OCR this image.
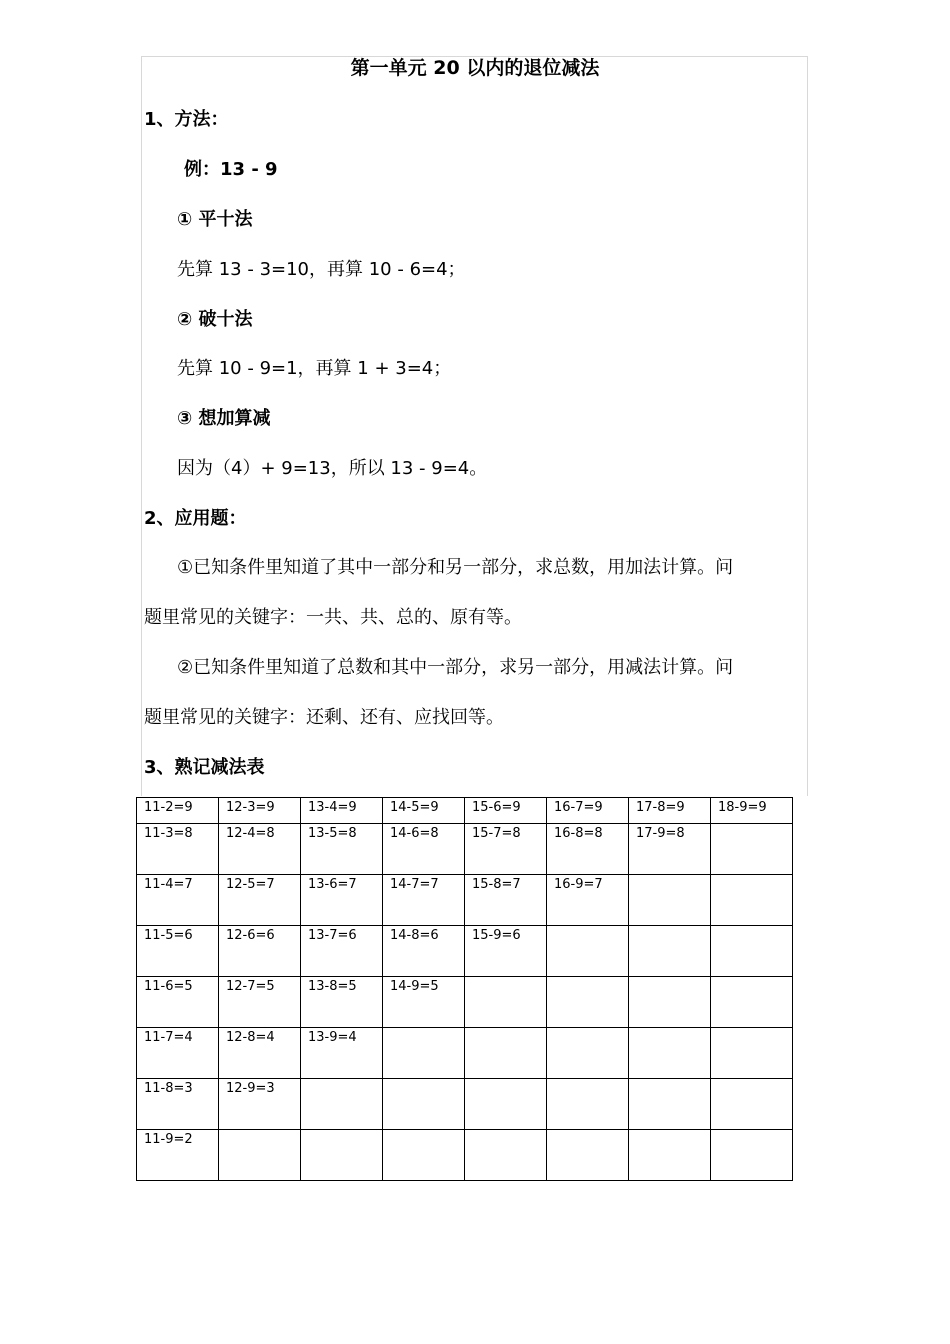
第一单元 20 以内的退位减法
1、方法：
例：13 - 9
① 平十法
先算 13 - 3=10，再算 10 - 6=4；
② 破十法
先算 10 - 9=1，再算 1 + 3=4；
③ 想加算减
因为（4）+ 9=13，所以 13 - 9=4。
2、应用题：
①已知条件里知道了其中一部分和另一部分，求总数，用加法计算。问
题里常见的关键字：一共、共、总的、原有等。
②已知条件里知道了总数和其中一部分，求另一部分，用减法计算。问
题里常见的关键字：还剩、还有、应找回等。
3、熟记减法表
11-2=9	12-3=9	13-4=9	14-5=9	15-6=9	16-7=9	17-8=9	18-9=9
11-3=8	12-4=8	13-5=8	14-6=8	15-7=8	16-8=8	17-9=8	
11-4=7	12-5=7	13-6=7	14-7=7	15-8=7	16-9=7		
11-5=6	12-6=6	13-7=6	14-8=6	15-9=6			
11-6=5	12-7=5	13-8=5	14-9=5				
11-7=4	12-8=4	13-9=4					
11-8=3	12-9=3						
11-9=2							
